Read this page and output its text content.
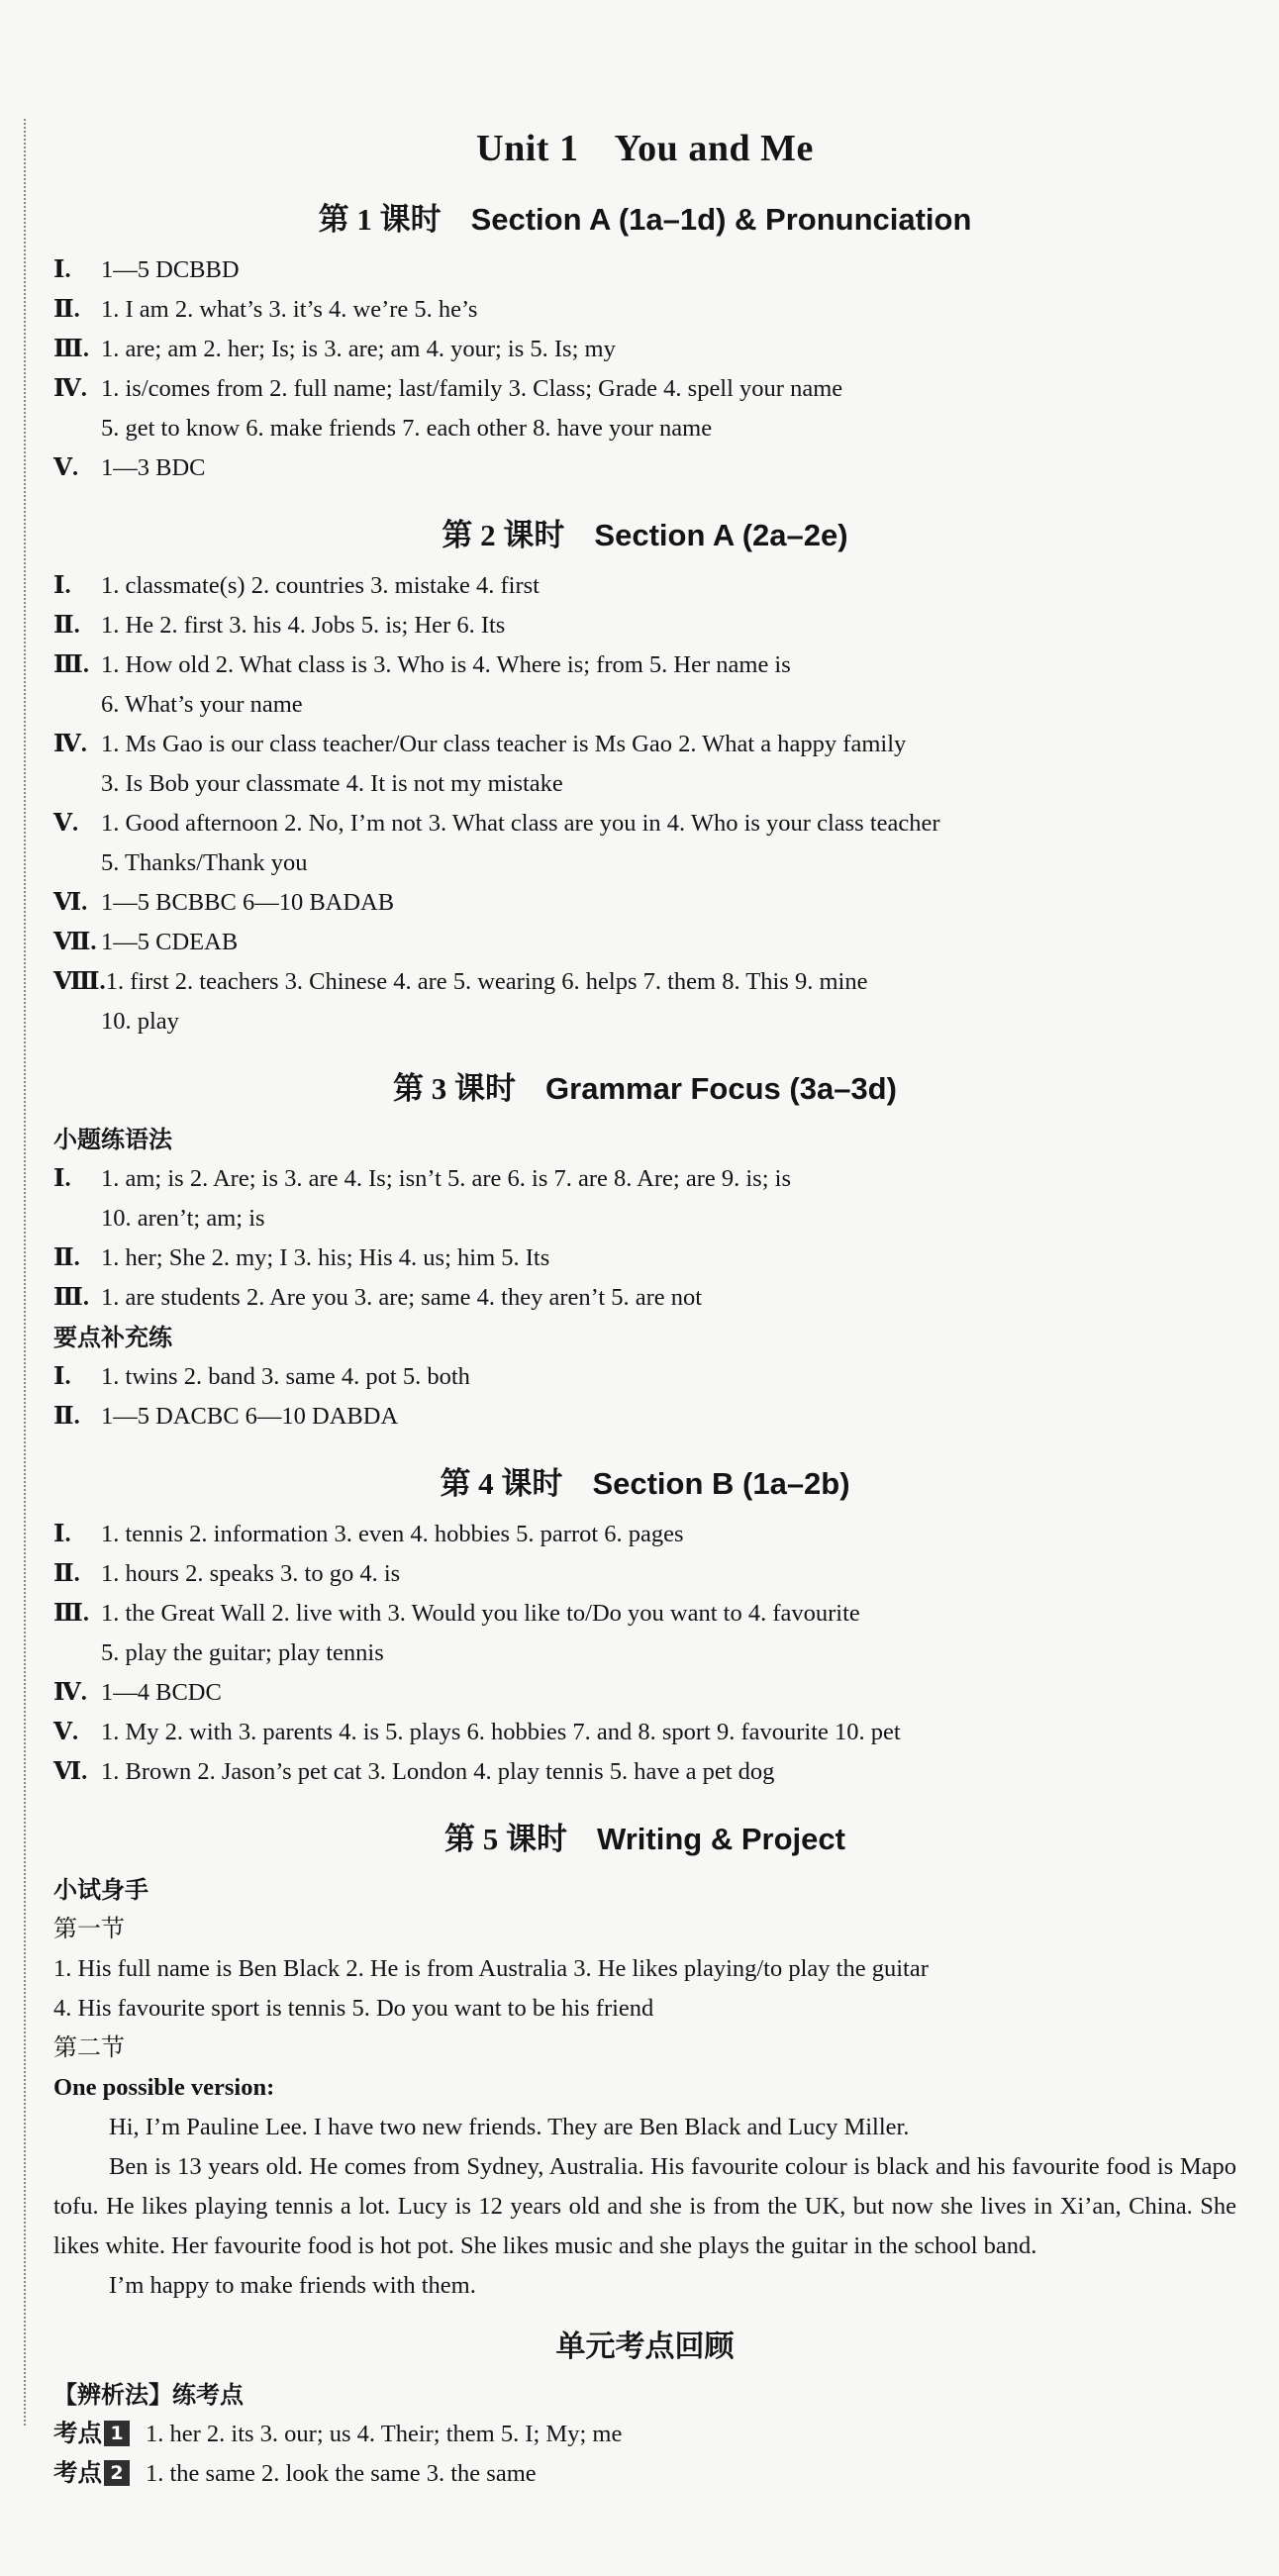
Unit 1 You and Me
第 1 课时 Section A (1a–1d) & Pronunciation
Ⅰ. 1—5 DCBBD
Ⅱ. 1. I am 2. what’s 3. it’s 4. we’re 5. he’s
Ⅲ. 1. are; am 2. her; Is; is 3. are; am 4. your; is 5. Is; my
Ⅳ. 1. is/comes from 2. full name; last/family 3. Class; Grade 4. spell your name
5. get to know 6. make friends 7. each other 8. have your name
Ⅴ. 1—3 BDC
第 2 课时 Section A (2a–2e)
Ⅰ. 1. classmate(s) 2. countries 3. mistake 4. first
Ⅱ. 1. He 2. first 3. his 4. Jobs 5. is; Her 6. Its
Ⅲ. 1. How old 2. What class is 3. Who is 4. Where is; from 5. Her name is
6. What’s your name
Ⅳ. 1. Ms Gao is our class teacher/Our class teacher is Ms Gao 2. What a happy family
3. Is Bob your classmate 4. It is not my mistake
Ⅴ. 1. Good afternoon 2. No, I’m not 3. What class are you in 4. Who is your class teacher
5. Thanks/Thank you
Ⅵ. 1—5 BCBBC 6—10 BADAB
Ⅶ. 1—5 CDEAB
Ⅷ.1. first 2. teachers 3. Chinese 4. are 5. wearing 6. helps 7. them 8. This 9. mine
10. play
第 3 课时 Grammar Focus (3a–3d)
小题练语法
Ⅰ. 1. am; is 2. Are; is 3. are 4. Is; isn’t 5. are 6. is 7. are 8. Are; are 9. is; is
10. aren’t; am; is
Ⅱ. 1. her; She 2. my; I 3. his; His 4. us; him 5. Its
Ⅲ. 1. are students 2. Are you 3. are; same 4. they aren’t 5. are not
要点补充练
Ⅰ. 1. twins 2. band 3. same 4. pot 5. both
Ⅱ. 1—5 DACBC 6—10 DABDA
第 4 课时 Section B (1a–2b)
Ⅰ. 1. tennis 2. information 3. even 4. hobbies 5. parrot 6. pages
Ⅱ. 1. hours 2. speaks 3. to go 4. is
Ⅲ. 1. the Great Wall 2. live with 3. Would you like to/Do you want to 4. favourite
5. play the guitar; play tennis
Ⅳ. 1—4 BCDC
Ⅴ. 1. My 2. with 3. parents 4. is 5. plays 6. hobbies 7. and 8. sport 9. favourite 10. pet
Ⅵ. 1. Brown 2. Jason’s pet cat 3. London 4. play tennis 5. have a pet dog
第 5 课时 Writing & Project
小试身手
第一节
1. His full name is Ben Black 2. He is from Australia 3. He likes playing/to play the guitar
4. His favourite sport is tennis 5. Do you want to be his friend
第二节
One possible version:
Hi, I’m Pauline Lee. I have two new friends. They are Ben Black and Lucy Miller.
Ben is 13 years old. He comes from Sydney, Australia. His favourite colour is black and his favourite food is Mapo tofu. He likes playing tennis a lot. Lucy is 12 years old and she is from the UK, but now she lives in Xi’an, China. She likes white. Her favourite food is hot pot. She likes music and she plays the guitar in the school band.
I’m happy to make friends with them.
单元考点回顾
【辨析法】练考点
考点 1 1. her 2. its 3. our; us 4. Their; them 5. I; My; me
考点 2 1. the same 2. look the same 3. the same
